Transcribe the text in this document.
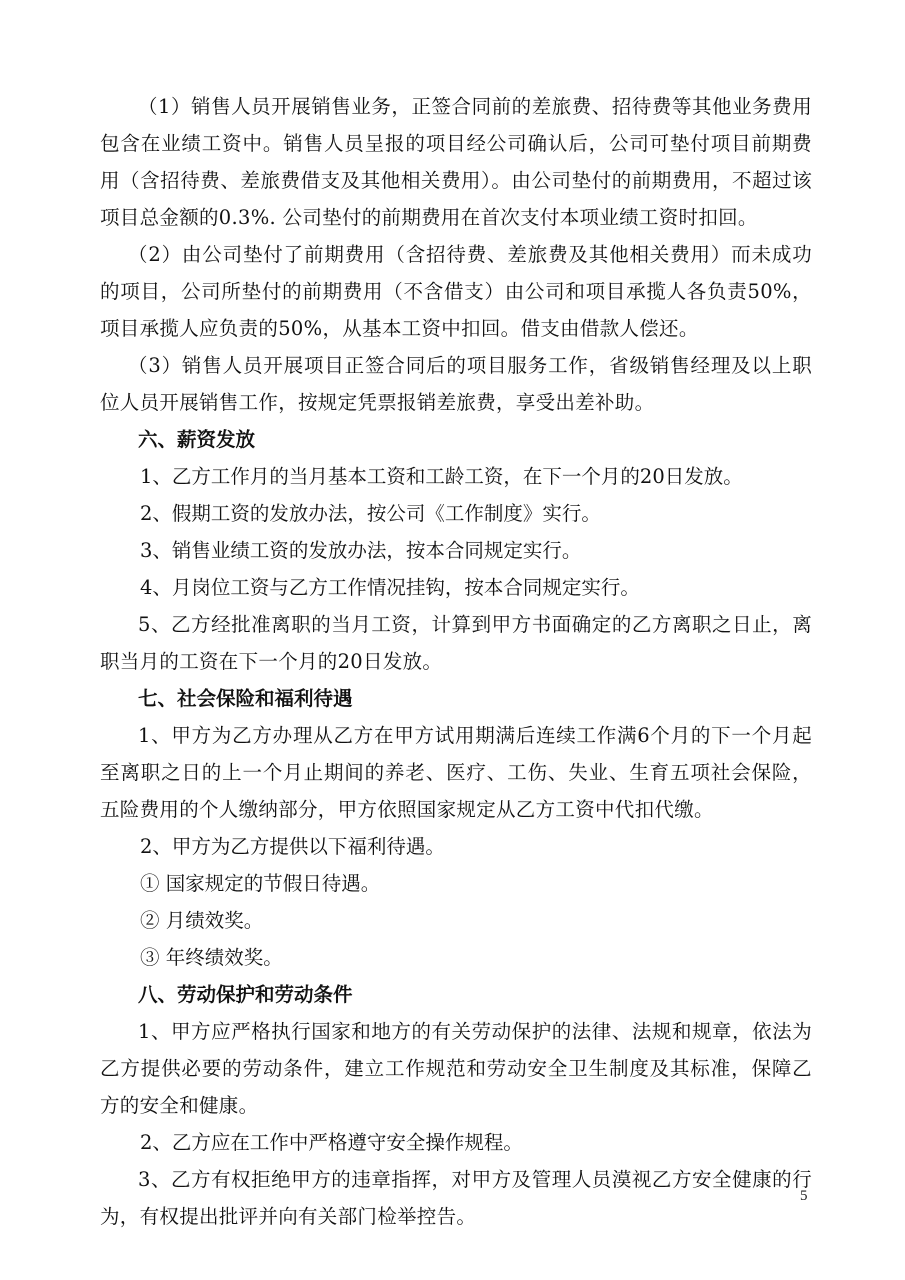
（1）销售人员开展销售业务，正签合同前的差旅费、招待费等其他业务费用包含在业绩工资中。销售人员呈报的项目经公司确认后，公司可垫付项目前期费用（含招待费、差旅费借支及其他相关费用）。由公司垫付的前期费用，不超过该项目总金额的0.3%. 公司垫付的前期费用在首次支付本项业绩工资时扣回。

（2）由公司垫付了前期费用（含招待费、差旅费及其他相关费用）而未成功的项目，公司所垫付的前期费用（不含借支）由公司和项目承揽人各负责50%，项目承揽人应负责的50%，从基本工资中扣回。借支由借款人偿还。

（3）销售人员开展项目正签合同后的项目服务工作，省级销售经理及以上职位人员开展销售工作，按规定凭票报销差旅费，享受出差补助。

六、薪资发放

1、乙方工作月的当月基本工资和工龄工资，在下一个月的20日发放。

2、假期工资的发放办法，按公司《工作制度》实行。

3、销售业绩工资的发放办法，按本合同规定实行。

4、月岗位工资与乙方工作情况挂钩，按本合同规定实行。

5、乙方经批准离职的当月工资，计算到甲方书面确定的乙方离职之日止，离职当月的工资在下一个月的20日发放。

七、社会保险和福利待遇

1、甲方为乙方办理从乙方在甲方试用期满后连续工作满6个月的下一个月起至离职之日的上一个月止期间的养老、医疗、工伤、失业、生育五项社会保险，五险费用的个人缴纳部分，甲方依照国家规定从乙方工资中代扣代缴。

2、甲方为乙方提供以下福利待遇。

① 国家规定的节假日待遇。

② 月绩效奖。

③ 年终绩效奖。

八、劳动保护和劳动条件

1、甲方应严格执行国家和地方的有关劳动保护的法律、法规和规章，依法为乙方提供必要的劳动条件，建立工作规范和劳动安全卫生制度及其标准，保障乙方的安全和健康。

2、乙方应在工作中严格遵守安全操作规程。

3、乙方有权拒绝甲方的违章指挥，对甲方及管理人员漠视乙方安全健康的行为，有权提出批评并向有关部门检举控告。

5
